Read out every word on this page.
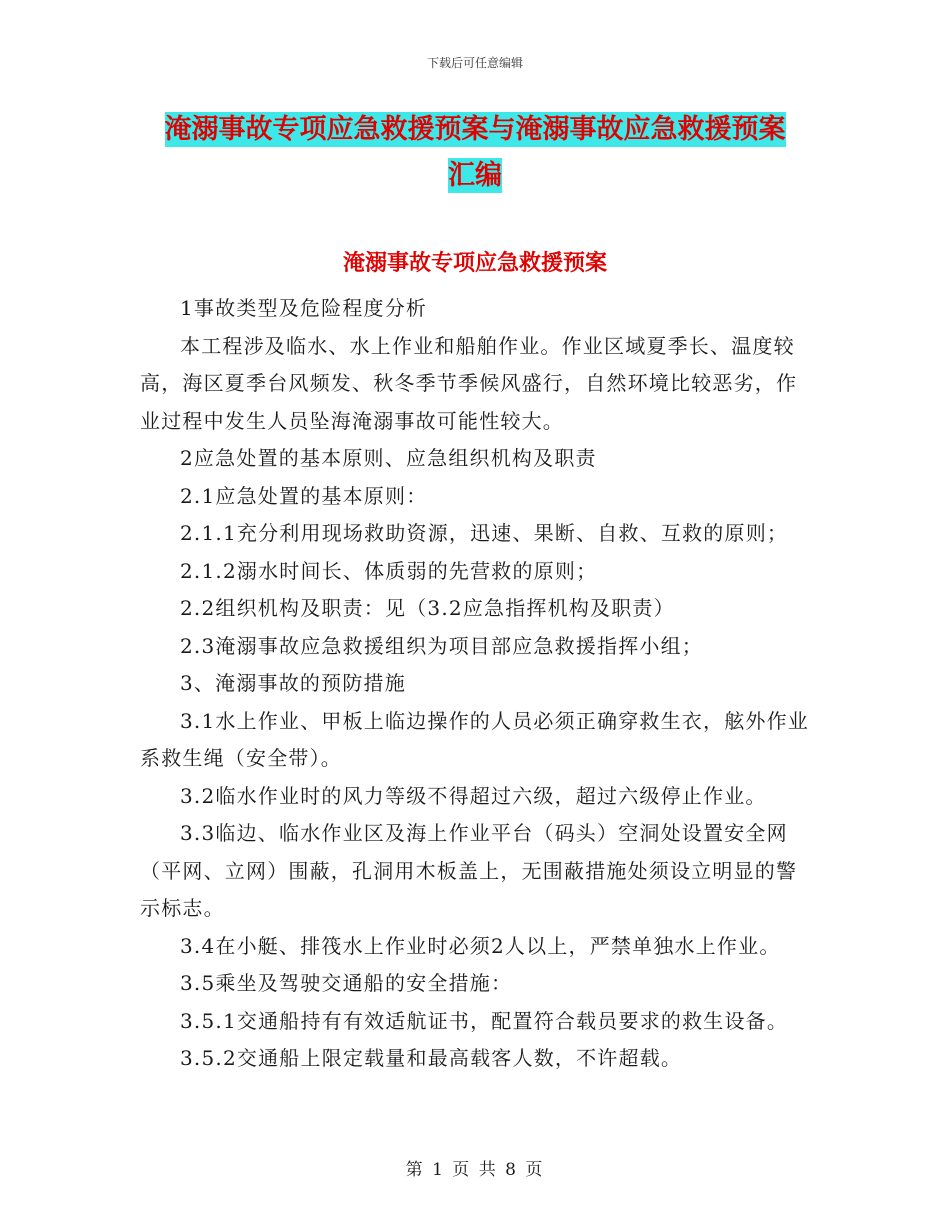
下载后可任意编辑
淹溺事故专项应急救援预案与淹溺事故应急救援预案
汇编
淹溺事故专项应急救援预案

1事故类型及危险程度分析

本工程涉及临水、水上作业和船舶作业。作业区域夏季长、温度较高，海区夏季台风频发、秋冬季节季候风盛行，自然环境比较恶劣，作业过程中发生人员坠海淹溺事故可能性较大。

2应急处置的基本原则、应急组织机构及职责

2.1应急处置的基本原则：

2.1.1充分利用现场救助资源，迅速、果断、自救、互救的原则；

2.1.2溺水时间长、体质弱的先营救的原则；

2.2组织机构及职责：见（3.2应急指挥机构及职责）

2.3淹溺事故应急救援组织为项目部应急救援指挥小组；

3、淹溺事故的预防措施

3.1水上作业、甲板上临边操作的人员必须正确穿救生衣，舷外作业系救生绳（安全带）。

3.2临水作业时的风力等级不得超过六级，超过六级停止作业。

3.3临边、临水作业区及海上作业平台（码头）空洞处设置安全网（平网、立网）围蔽，孔洞用木板盖上，无围蔽措施处须设立明显的警示标志。

3.4在小艇、排筏水上作业时必须2人以上，严禁单独水上作业。

3.5乘坐及驾驶交通船的安全措施：

3.5.1交通船持有有效适航证书，配置符合载员要求的救生设备。

3.5.2交通船上限定载量和最高载客人数，不许超载。

第 1 页 共 8 页
